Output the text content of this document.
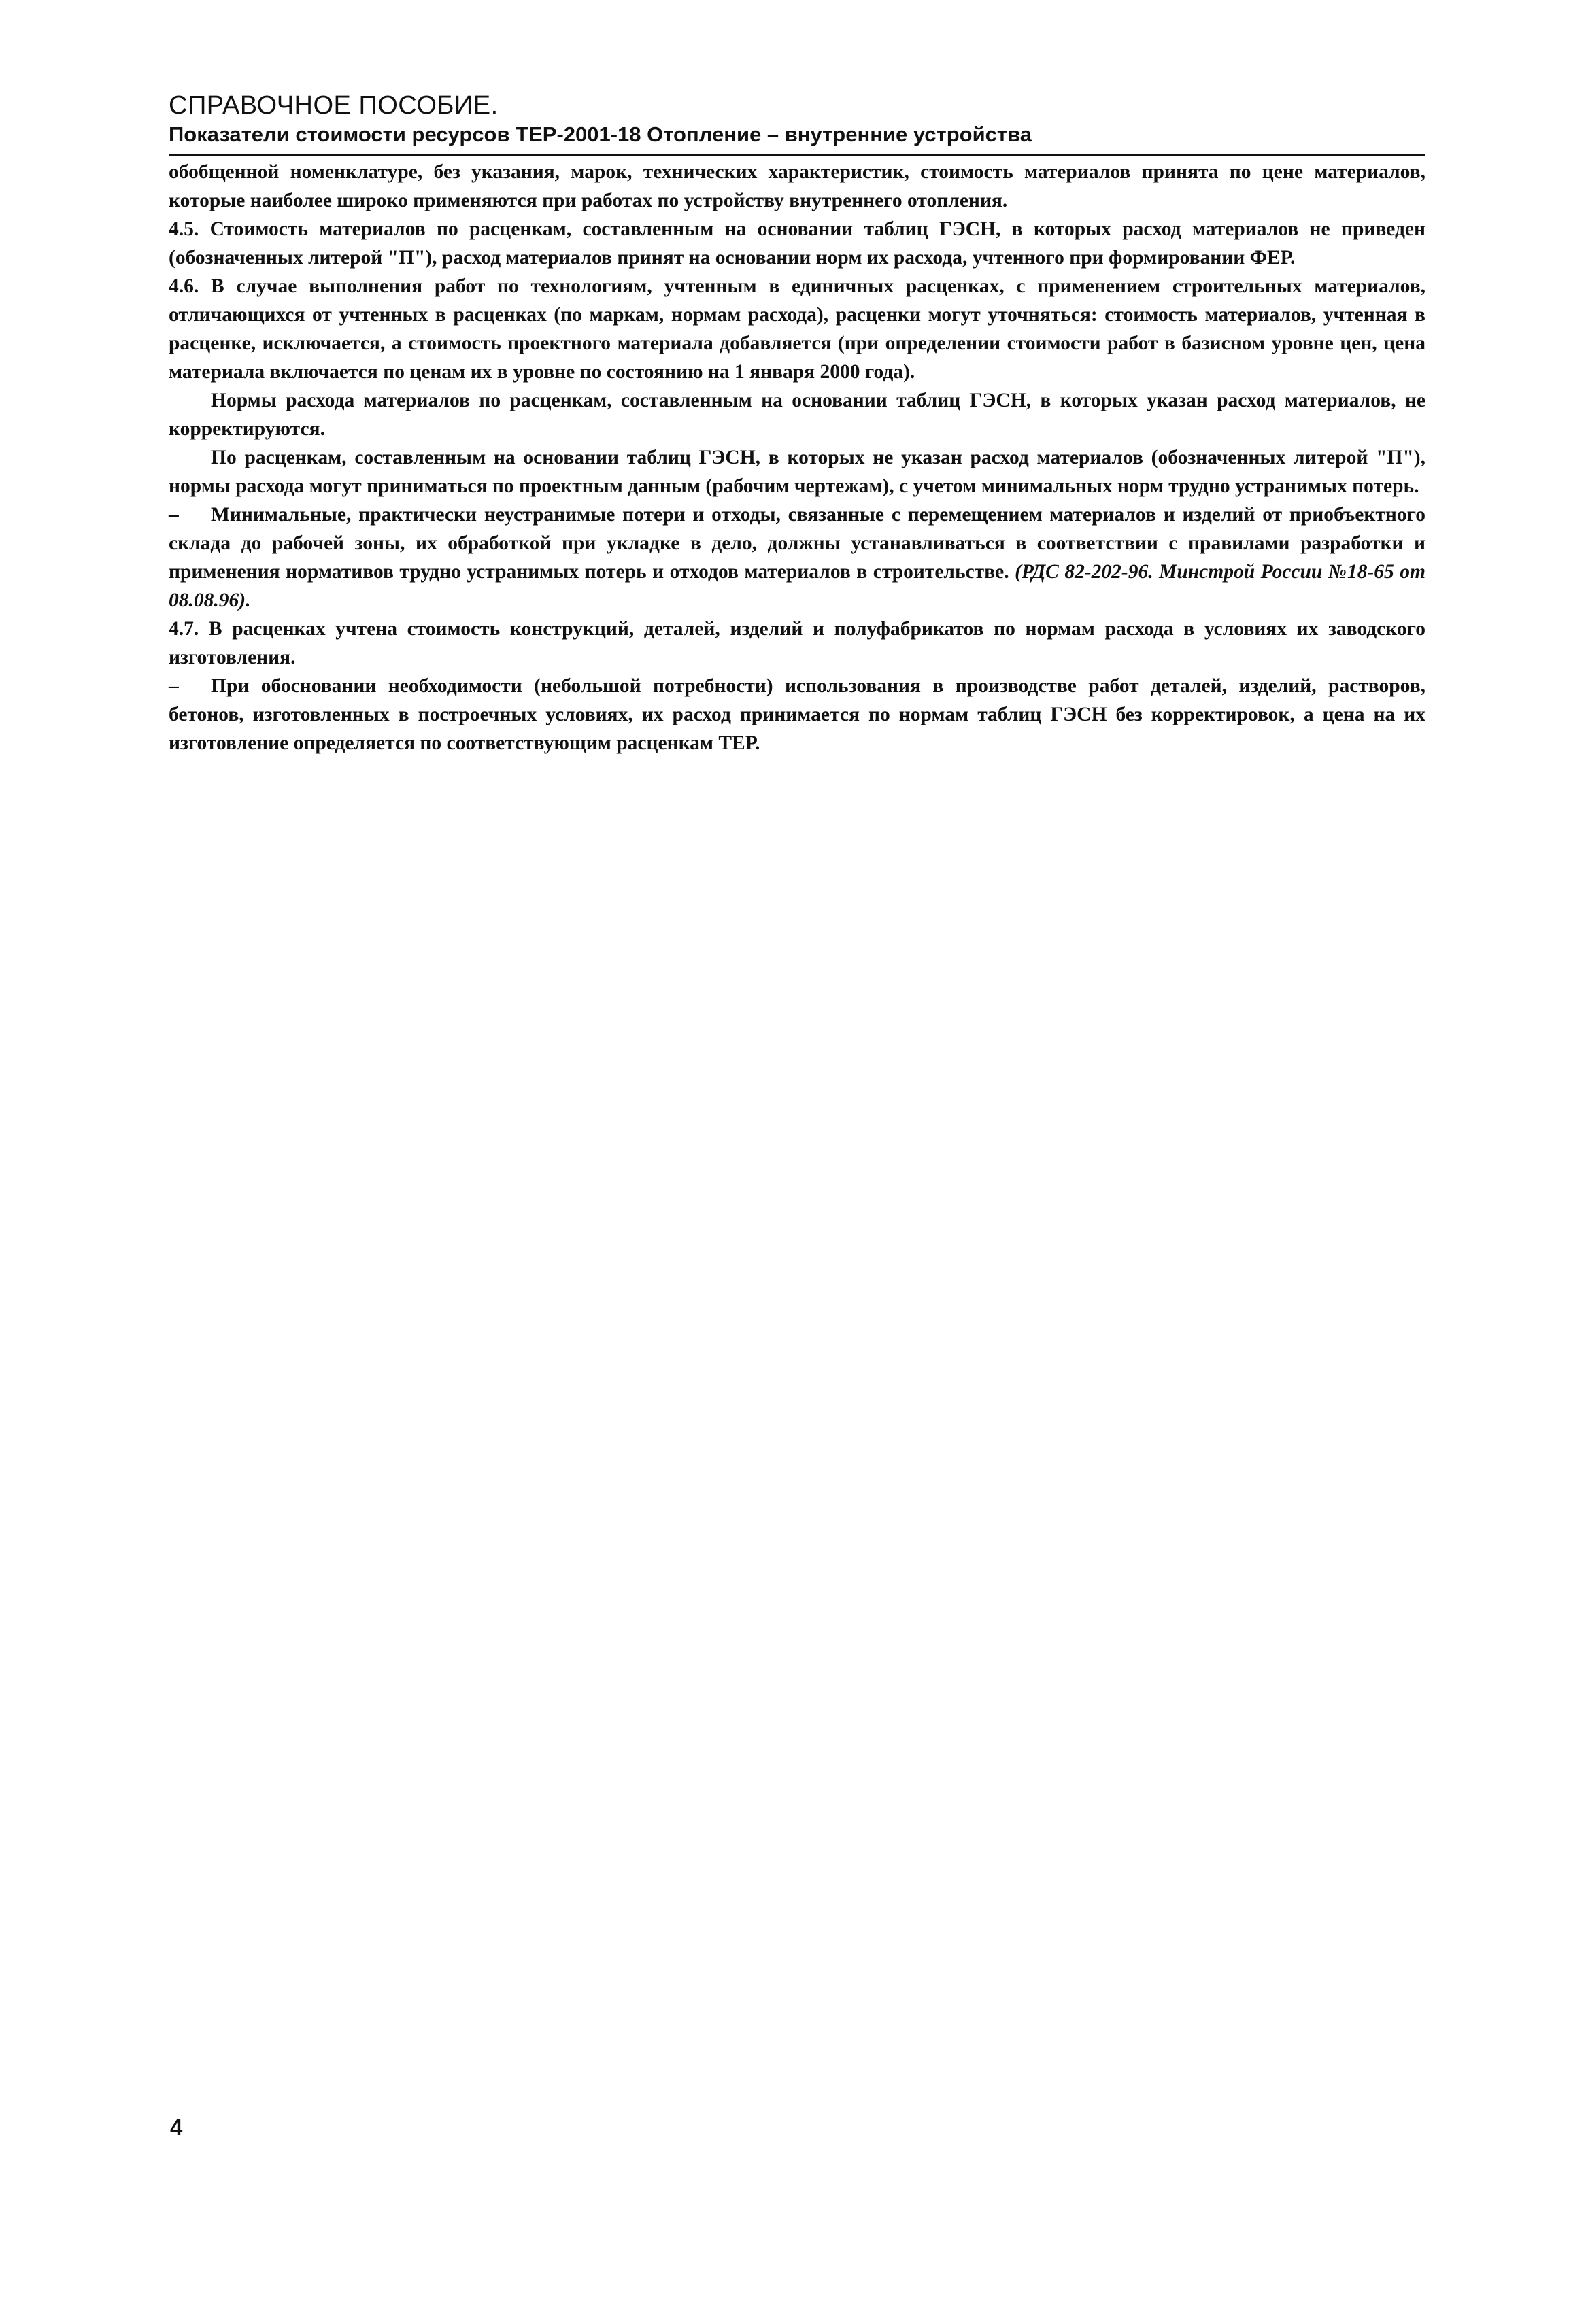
СПРАВОЧНОЕ ПОСОБИЕ.
Показатели стоимости ресурсов ТЕР-2001-18 Отопление – внутренние устройства

обобщенной номенклатуре, без указания, марок, технических характеристик, стоимость материалов принята по цене материалов, которые наиболее широко применяются при работах по устройству внутреннего отопления.

4.5. Стоимость материалов по расценкам, составленным на основании таблиц ГЭСН, в которых расход материалов не приведен (обозначенных литерой "П"), расход материалов принят на основании норм их расхода, учтенного при формировании ФЕР.

4.6. В случае выполнения работ по технологиям, учтенным в единичных расценках, с применением строительных материалов, отличающихся от учтенных в расценках (по маркам, нормам расхода), расценки могут уточняться: стоимость материалов, учтенная в расценке, исключается, а стоимость проектного материала добавляется (при определении стоимости работ в базисном уровне цен, цена материала включается по ценам их в уровне по состоянию на 1 января 2000 года).

Нормы расхода материалов по расценкам, составленным на основании таблиц ГЭСН, в которых указан расход материалов, не корректируются.

По расценкам, составленным на основании таблиц ГЭСН, в которых не указан расход материалов (обозначенных литерой "П"), нормы расхода могут приниматься по проектным данным (рабочим чертежам), с учетом минимальных норм трудно устранимых потерь.

– Минимальные, практически неустранимые потери и отходы, связанные с перемещением материалов и изделий от приобъектного склада до рабочей зоны, их обработкой при укладке в дело, должны устанавливаться в соответствии с правилами разработки и применения нормативов трудно устранимых потерь и отходов материалов в строительстве. (РДС 82-202-96. Минстрой России №18-65 от 08.08.96).

4.7. В расценках учтена стоимость конструкций, деталей, изделий и полуфабрикатов по нормам расхода в условиях их заводского изготовления.

– При обосновании необходимости (небольшой потребности) использования в производстве работ деталей, изделий, растворов, бетонов, изготовленных в построечных условиях, их расход принимается по нормам таблиц ГЭСН без корректировок, а цена на их изготовление определяется по соответствующим расценкам ТЕР.

4
